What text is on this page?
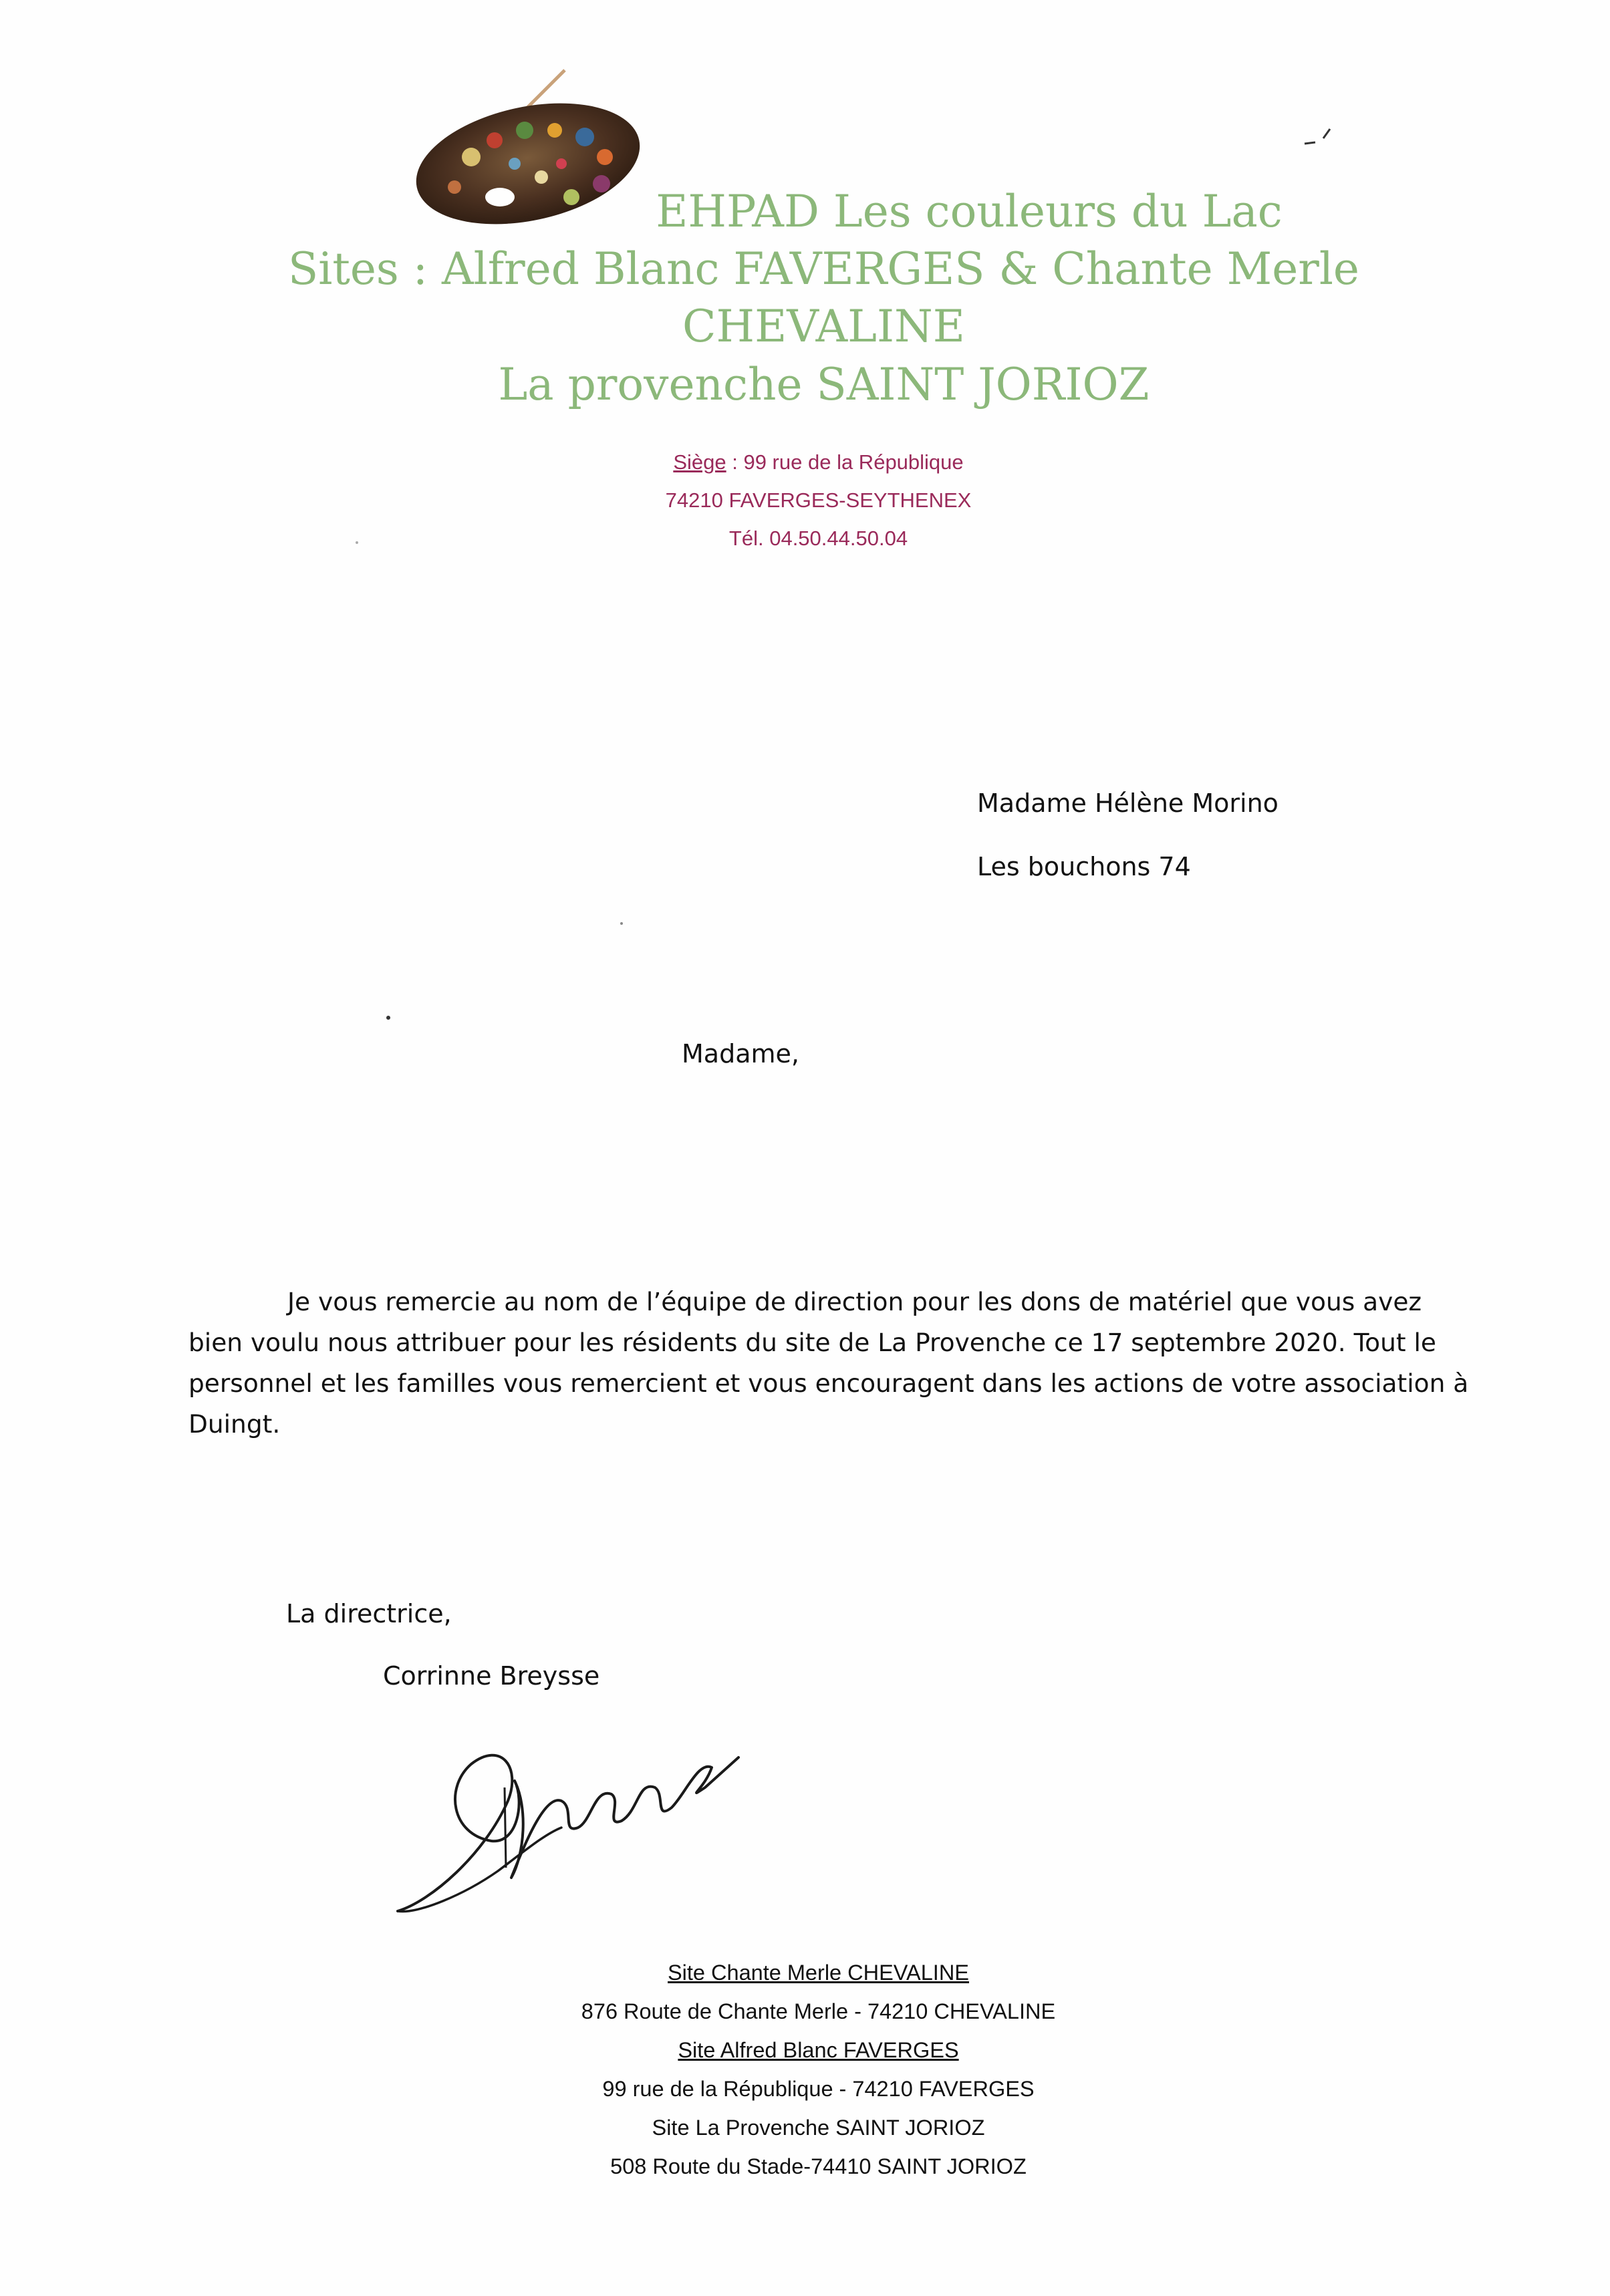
EHPAD Les couleurs du Lac
Sites : Alfred Blanc FAVERGES & Chante Merle
CHEVALINE
La provenche SAINT JORIOZ
Siège : 99 rue de la République
74210 FAVERGES-SEYTHENEX
Tél. 04.50.44.50.04
Madame Hélène Morino
Les bouchons 74
Madame,
Je vous remercie au nom de l’équipe de direction pour les dons de matériel que vous avez
bien voulu nous attribuer pour les résidents du site de La Provenche ce 17 septembre 2020. Tout le
personnel et les familles vous remercient et vous encouragent dans les actions de votre association à
Duingt.
La directrice,
Corrinne Breysse
Site Chante Merle CHEVALINE
876 Route de Chante Merle - 74210 CHEVALINE
Site Alfred Blanc FAVERGES
99 rue de la République - 74210 FAVERGES
Site La Provenche SAINT JORIOZ
508 Route du Stade-74410 SAINT JORIOZ
